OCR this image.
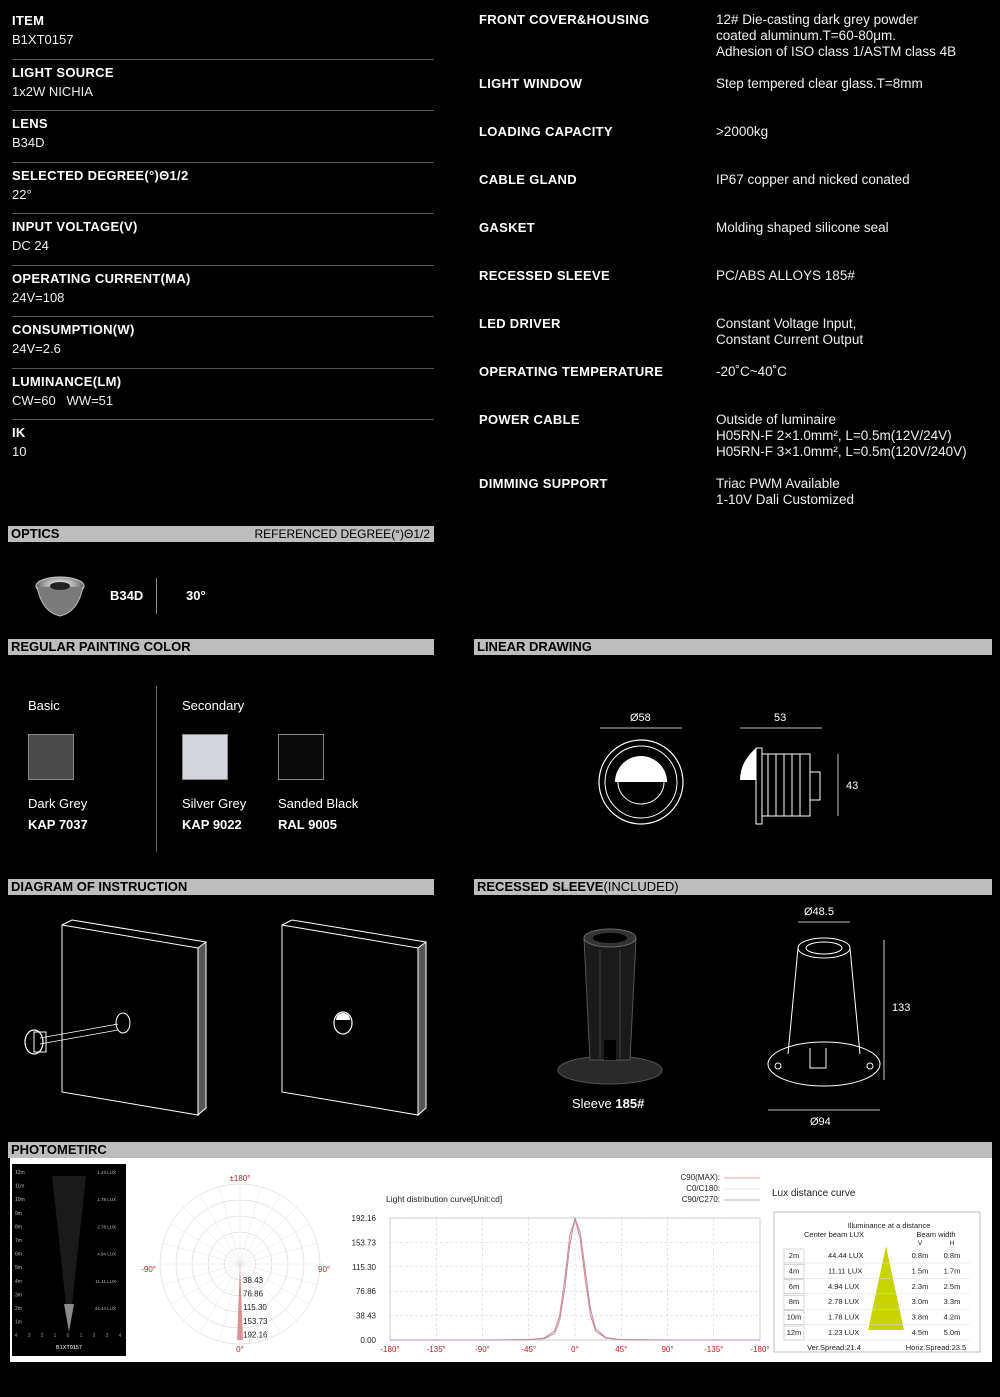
ITEM
B1XT0157
LIGHT SOURCE
1x2W NICHIA
LENS
B34D
SELECTED DEGREE(°)Θ1/2
22°
INPUT VOLTAGE(V)
DC 24
OPERATING CURRENT(MA)
24V=108
CONSUMPTION(W)
24V=2.6
LUMINANCE(LM)
CW=60   WW=51
IK
10
FRONT COVER&HOUSING	12# Die-casting dark grey powder
coated aluminum.T=60-80μm.
Adhesion of ISO class 1/ASTM class 4B
LIGHT WINDOW	Step tempered clear glass.T=8mm
LOADING CAPACITY	>2000kg
CABLE GLAND	IP67 copper and nicked conated
GASKET	Molding shaped silicone seal
RECESSED SLEEVE	PC/ABS ALLOYS 185#
LED DRIVER	Constant Voltage Input,
Constant Current Output
OPERATING TEMPERATURE	-20˚C~40˚C
POWER CABLE	Outside of luminaire
H05RN-F 2×1.0mm², L=0.5m(12V/24V)
H05RN-F 3×1.0mm², L=0.5m(120V/240V)
DIMMING SUPPORT	Triac PWM Available
1-10V Dali Customized
OPTICS	REFERENCED DEGREE(°)Θ1/2
B34D	30°
REGULAR PAINTING COLOR
Basic	Secondary
Dark Grey
KAP 7037
Silver Grey
KAP 9022
Sanded Black
RAL 9005
LINEAR DRAWING
Ø58	53
43
DIAGRAM OF INSTRUCTION	RECESSED SLEEVE(INCLUDED)
Sleeve 185#
Ø48.5
133
Ø94
PHOTOMETIRC
12m
11m
10m
9m
8m
7m
6m
5m
4m
3m
2m
1m
1.23 LUX
1.78 LUX
2.78 LUX
4.94 LUX
11.11 LUX
44.44 LUX
4 3 2 1 0 1 2 3 4
B1XT0157
±180°
-90°	90°
0°
38.43
76.86
115.30
153.73
192.16
C90(MAX):
C0/C180:
C90/C270:
Light distribution curve[Unit:cd]
192.16
153.73
115.30
76.86
38.43
0.00
-180°	-135°	-90°	-45°	0°	45°	90°	-135°	-180°
Lux distance curve
Illuminance at a distance
Center beam LUX	Beam width
V	H
2m	44.44 LUX	0.8m 0.8m
4m	11.11 LUX	1.5m 1.7m
6m	4.94 LUX	2.3m 2.5m
8m	2.78 LUX	3.0m 3.3m
10m	1.78 LUX	3.8m 4.2m
12m	1.23 LUX	4.5m 5.0m
Ver.Spread:21.4	Horiz.Spread:23.5
